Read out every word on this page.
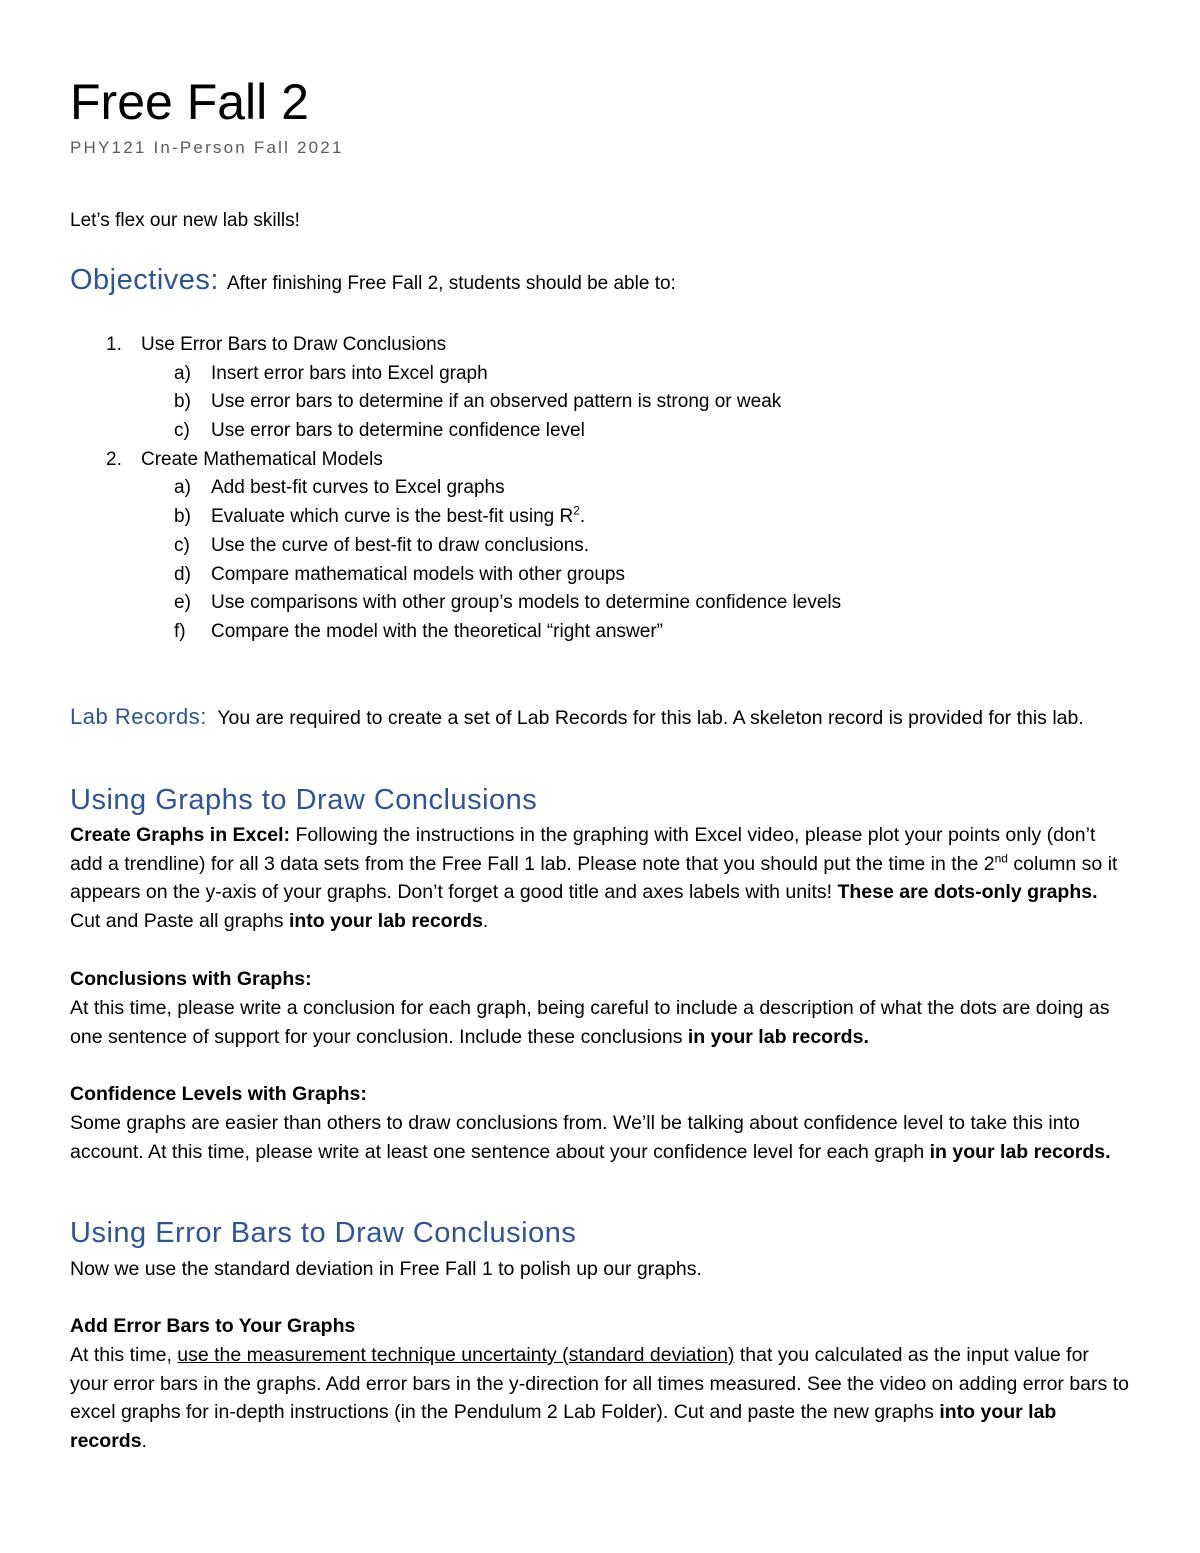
Free Fall 2
PHY121 In-Person Fall 2021
Let’s flex our new lab skills!
Objectives: After finishing Free Fall 2, students should be able to:
1. Use Error Bars to Draw Conclusions
a) Insert error bars into Excel graph
b) Use error bars to determine if an observed pattern is strong or weak
c) Use error bars to determine confidence level
2. Create Mathematical Models
a) Add best-fit curves to Excel graphs
b) Evaluate which curve is the best-fit using $R^2$.
c) Use the curve of best-fit to draw conclusions.
d) Compare mathematical models with other groups
e) Use comparisons with other group’s models to determine confidence levels
f) Compare the model with the theoretical “right answer”
Lab Records: You are required to create a set of Lab Records for this lab. A skeleton record is provided for this lab.
Using Graphs to Draw Conclusions
Create Graphs in Excel: Following the instructions in the graphing with Excel video, please plot your points only (don’t add a trendline) for all 3 data sets from the Free Fall 1 lab. Please note that you should put the time in the 2nd column so it appears on the y-axis of your graphs. Don’t forget a good title and axes labels with units! These are dots-only graphs. Cut and Paste all graphs into your lab records.
Conclusions with Graphs:
At this time, please write a conclusion for each graph, being careful to include a description of what the dots are doing as one sentence of support for your conclusion. Include these conclusions in your lab records.
Confidence Levels with Graphs:
Some graphs are easier than others to draw conclusions from. We’ll be talking about confidence level to take this into account. At this time, please write at least one sentence about your confidence level for each graph in your lab records.
Using Error Bars to Draw Conclusions
Now we use the standard deviation in Free Fall 1 to polish up our graphs.
Add Error Bars to Your Graphs
At this time, use the measurement technique uncertainty (standard deviation) that you calculated as the input value for your error bars in the graphs. Add error bars in the y-direction for all times measured. See the video on adding error bars to excel graphs for in-depth instructions (in the Pendulum 2 Lab Folder). Cut and paste the new graphs into your lab records.
